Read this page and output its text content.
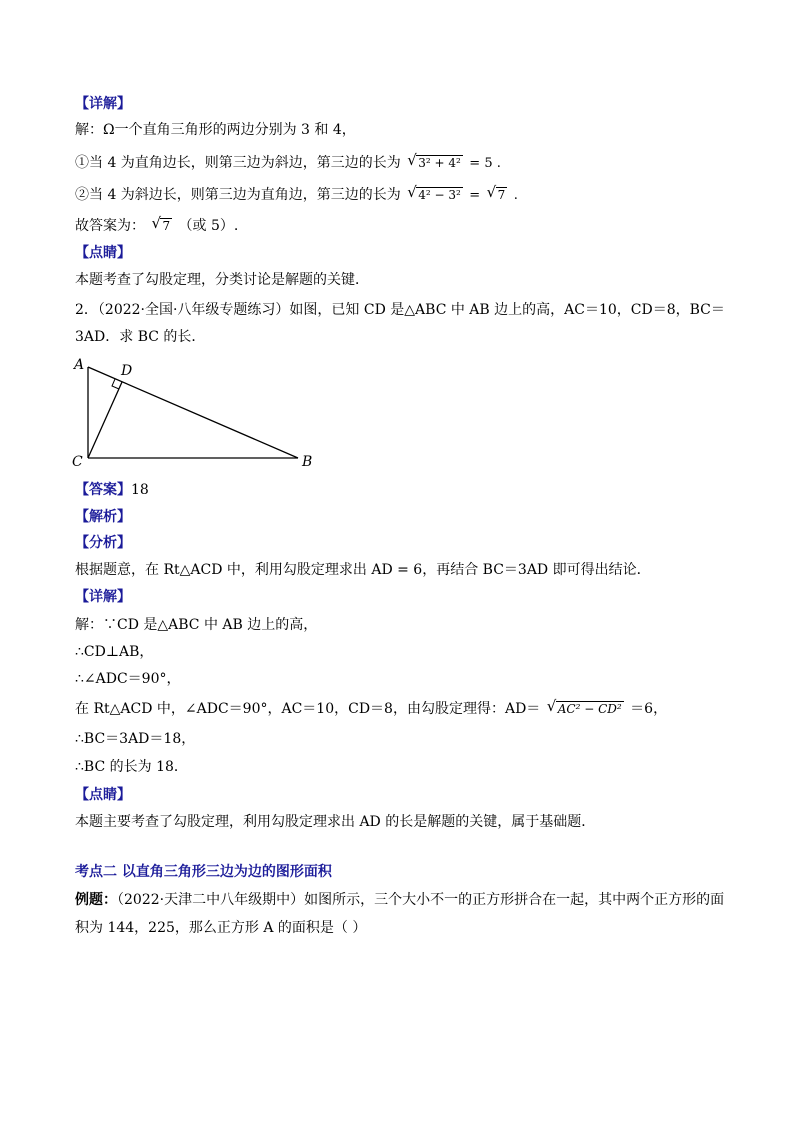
【详解】
解：Ω一个直角三角形的两边分别为 3 和 4，
①当 4 为直角边长，则第三边为斜边，第三边的长为 √ 3² + 4² = 5 .
②当 4 为斜边长，则第三边为直角边，第三边的长为 √ 4² − 3² = √ 7 .
故答案为： √ 7 （或 5）.
【点睛】
本题考查了勾股定理，分类讨论是解题的关键．
2．（2022·全国·八年级专题练习）如图，已知 CD 是△ABC 中 AB 边上的高，AC＝10，CD＝8，BC＝
3AD．求 BC 的长．
A	D
C	B
【答案】18
【解析】
【分析】
根据题意，在 Rt△ACD 中，利用勾股定理求出 AD = 6，再结合 BC＝3AD 即可得出结论．
【详解】
解：∵CD 是△ABC 中 AB 边上的高，
∴CD⊥AB，
∴∠ADC＝90°，
在 Rt△ACD 中，∠ADC＝90°，AC＝10，CD＝8，由勾股定理得：AD＝ √ AC² − CD² ＝6，
∴BC＝3AD＝18，
∴BC 的长为 18．
【点睛】
本题主要考查了勾股定理，利用勾股定理求出 AD 的长是解题的关键，属于基础题．
考点二 以直角三角形三边为边的图形面积
例题：（2022·天津二中八年级期中）如图所示，三个大小不一的正方形拼合在一起，其中两个正方形的面
积为 144，225，那么正方形 A 的面积是（ ）
